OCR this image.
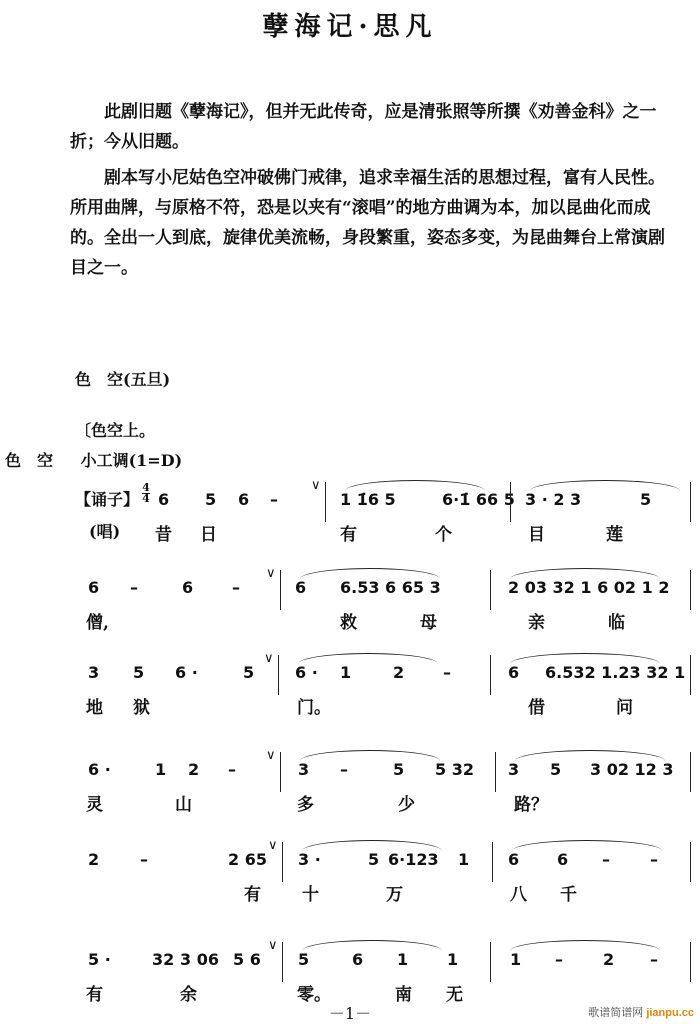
孽海记·思凡

此剧旧题《孽海记》，但并无此传奇，应是清张照等所撰《劝善金科》之一折；今从旧题。

剧本写小尼姑色空冲破佛门戒律，追求幸福生活的思想过程，富有人民性。所用曲牌，与原格不符，恐是以夹有“滚唱”的地方曲调为本，加以昆曲化而成的。全出一人到底，旋律优美流畅，身段繁重，姿态多变，为昆曲舞台上常演剧目之一。

色　空(五旦)
〔色空上。
色　空 小工调(1=D)
【诵子】
4
4
(唱)
6 5 6 –	1 1̇6 5	6·1̇ 66 5 3 · 2 3	5
昔 日	有	个	目	莲
∨
6 –	6 –	6 6.53 6 65 3	2 03 32 1 6 02 1 2
僧,	救	母	亲	临
∨
3 5 6 ·	5	6 · 1	2 –	6 6.532 1.23 32 1
地 狱	门。	借	问
∨
6 ·	1 2 –	3 –	5 5 32 3 5 3 02 12 3
灵	山	多	少	路？
∨
2	–	2 65 3 ·	5 6·123 1 6 6 –	–
有 十	万	八 千
∨
5 ·	32 3 06 5 6 5	6 1 1	1 –	2 –
有	余	零。	南 无
∨
－1－	歌谱简谱网 jianpu.cc
